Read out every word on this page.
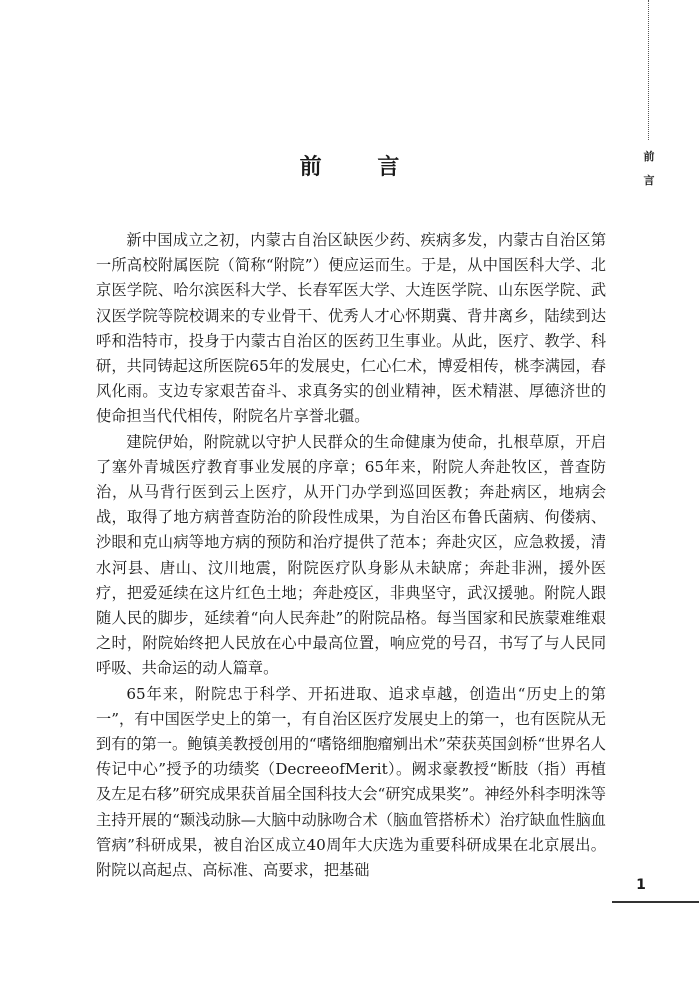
前
言
前 言

新中国成立之初，内蒙古自治区缺医少药、疾病多发，内蒙古自治区第一所高校附属医院（简称“附院”）便应运而生。于是，从中国医科大学、北京医学院、哈尔滨医科大学、长春军医大学、大连医学院、山东医学院、武汉医学院等院校调来的专业骨干、优秀人才心怀期冀、背井离乡，陆续到达呼和浩特市，投身于内蒙古自治区的医药卫生事业。从此，医疗、教学、科研，共同铸起这所医院65年的发展史，仁心仁术，博爱相传，桃李满园，春风化雨。支边专家艰苦奋斗、求真务实的创业精神，医术精湛、厚德济世的使命担当代代相传，附院名片享誉北疆。

建院伊始，附院就以守护人民群众的生命健康为使命，扎根草原，开启了塞外青城医疗教育事业发展的序章；65年来，附院人奔赴牧区，普查防治，从马背行医到云上医疗，从开门办学到巡回医教；奔赴病区，地病会战，取得了地方病普查防治的阶段性成果，为自治区布鲁氏菌病、佝偻病、沙眼和克山病等地方病的预防和治疗提供了范本；奔赴灾区，应急救援，清水河县、唐山、汶川地震，附院医疗队身影从未缺席；奔赴非洲，援外医疗，把爱延续在这片红色土地；奔赴疫区，非典坚守，武汉援驰。附院人跟随人民的脚步，延续着“向人民奔赴”的附院品格。每当国家和民族蒙难维艰之时，附院始终把人民放在心中最高位置，响应党的号召，书写了与人民同呼吸、共命运的动人篇章。

65年来，附院忠于科学、开拓进取、追求卓越，创造出“历史上的第一”，有中国医学史上的第一，有自治区医疗发展史上的第一，也有医院从无到有的第一。鲍镇美教授创用的“嗜铬细胞瘤剜出术”荣获英国剑桥“世界名人传记中心”授予的功绩奖（DecreeofMerit）。阙求豪教授“断肢（指）再植及左足右移”研究成果获首届全国科技大会“研究成果奖”。神经外科李明洙等主持开展的“颞浅动脉—大脑中动脉吻合术（脑血管搭桥术）治疗缺血性脑血管病”科研成果，被自治区成立40周年大庆选为重要科研成果在北京展出。附院以高起点、高标准、高要求，把基础

1
